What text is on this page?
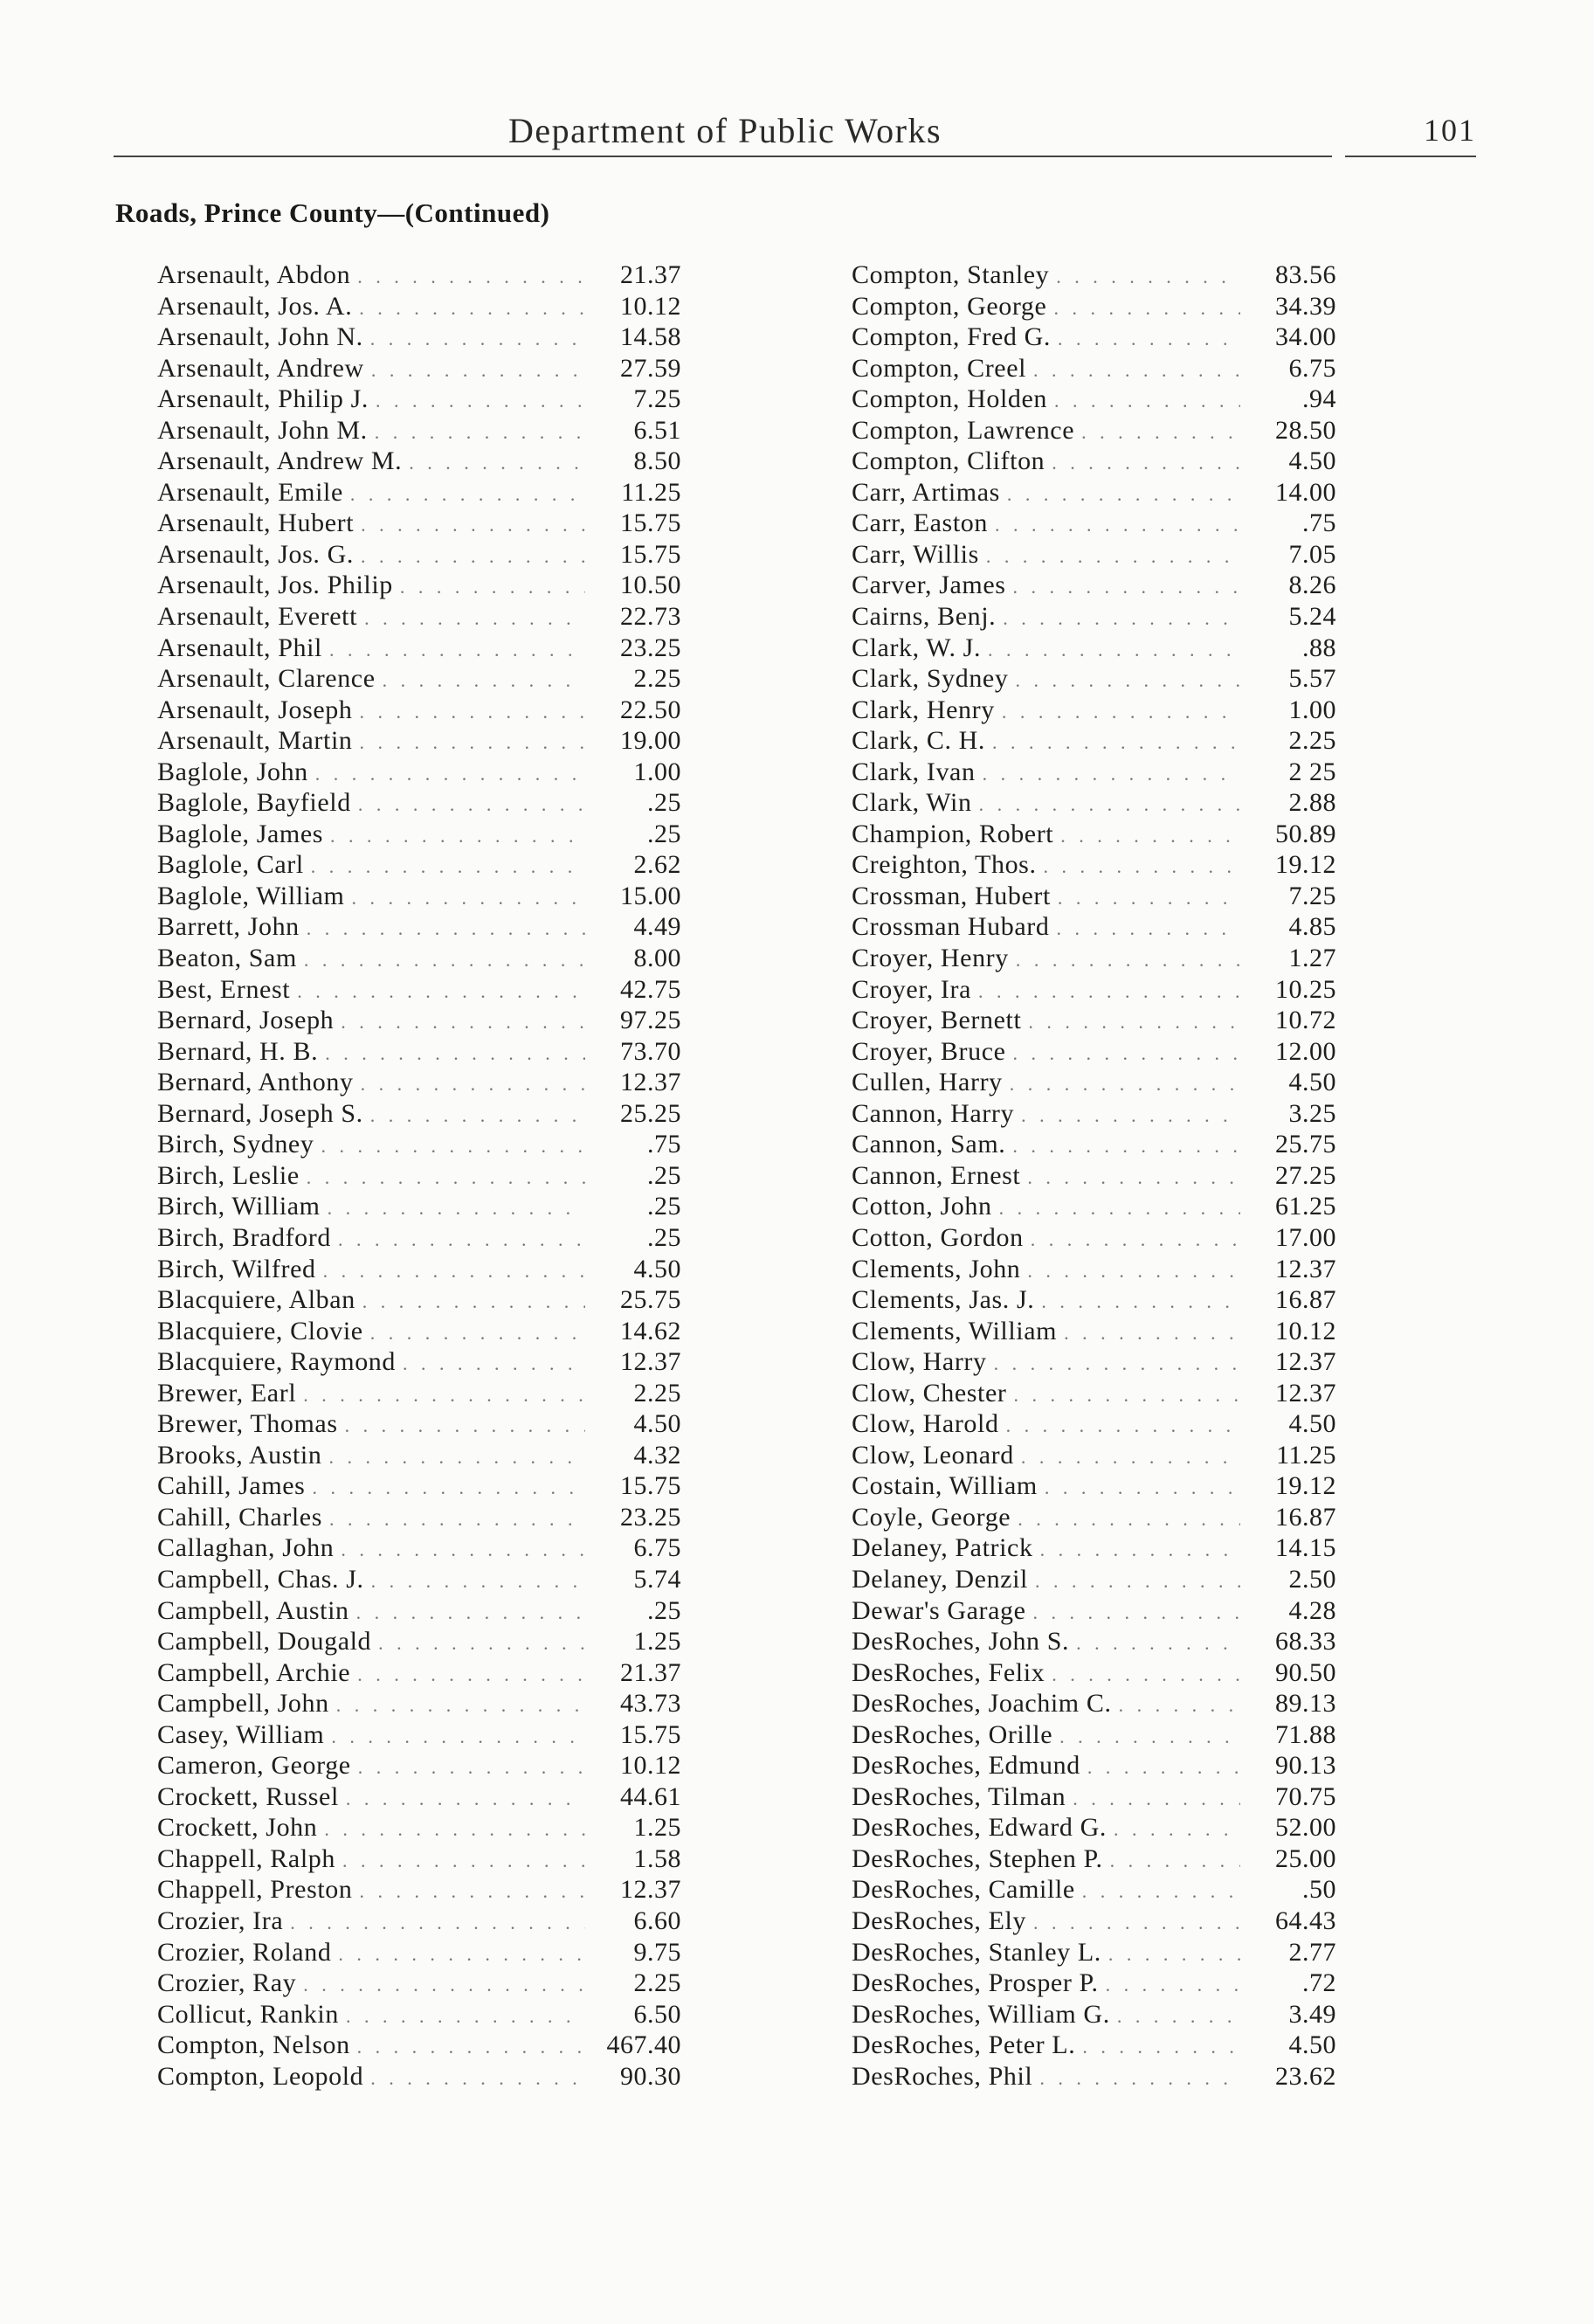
Department of Public Works	101
Roads, Prince County—(Continued)
Arsenault, Abdon . . .	21.37
Arsenault, Jos. A. . . .	10.12
Arsenault, John N. . . .	14.58
Arsenault, Andrew . . .	27.59
Arsenault, Philip J. . . .	7.25
Arsenault, John M. . . .	6.51
Arsenault, Andrew M. . . .	8.50
Arsenault, Emile . . .	11.25
Arsenault, Hubert . . .	15.75
Arsenault, Jos. G. . . .	15.75
Arsenault, Jos. Philip . . .	10.50
Arsenault, Everett . . .	22.73
Arsenault, Phil . . .	23.25
Arsenault, Clarence . . .	2.25
Arsenault, Joseph . . .	22.50
Arsenault, Martin . . .	19.00
Baglole, John . . .	1.00
Baglole, Bayfield . . .	.25
Baglole, James . . .	.25
Baglole, Carl . . .	2.62
Baglole, William . . .	15.00
Barrett, John . . .	4.49
Beaton, Sam . . .	8.00
Best, Ernest . . .	42.75
Bernard, Joseph . . .	97.25
Bernard, H. B. . . .	73.70
Bernard, Anthony . . .	12.37
Bernard, Joseph S. . . .	25.25
Birch, Sydney . . .	.75
Birch, Leslie . . .	.25
Birch, William . . .	.25
Birch, Bradford . . .	.25
Birch, Wilfred . . .	4.50
Blacquiere, Alban . . .	25.75
Blacquiere, Clovie . . .	14.62
Blacquiere, Raymond . . .	12.37
Brewer, Earl . . .	2.25
Brewer, Thomas . . .	4.50
Brooks, Austin . . .	4.32
Cahill, James . . .	15.75
Cahill, Charles . . .	23.25
Callaghan, John . . .	6.75
Campbell, Chas. J. . . .	5.74
Campbell, Austin . . .	.25
Campbell, Dougald . . .	1.25
Campbell, Archie . . .	21.37
Campbell, John . . .	43.73
Casey, William . . .	15.75
Cameron, George . . .	10.12
Crockett, Russel . . .	44.61
Crockett, John . . .	1.25
Chappell, Ralph . . .	1.58
Chappell, Preston . . .	12.37
Crozier, Ira . . .	6.60
Crozier, Roland . . .	9.75
Crozier, Ray . . .	2.25
Collicut, Rankin . . .	6.50
Compton, Nelson . . .	467.40
Compton, Leopold . . .	90.30
Compton, Stanley . . .	83.56
Compton, George . . .	34.39
Compton, Fred G. . . .	34.00
Compton, Creel . . .	6.75
Compton, Holden . . .	.94
Compton, Lawrence . . .	28.50
Compton, Clifton . . .	4.50
Carr, Artimas . . .	14.00
Carr, Easton . . .	.75
Carr, Willis . . .	7.05
Carver, James . . .	8.26
Cairns, Benj. . . .	5.24
Clark, W. J. . . .	.88
Clark, Sydney . . .	5.57
Clark, Henry . . .	1.00
Clark, C. H. . . .	2.25
Clark, Ivan . . .	2 25
Clark, Win . . .	2.88
Champion, Robert . . .	50.89
Creighton, Thos. . . .	19.12
Crossman, Hubert . . .	7.25
Crossman Hubard . . .	4.85
Croyer, Henry . . .	1.27
Croyer, Ira . . .	10.25
Croyer, Bernett . . .	10.72
Croyer, Bruce . . .	12.00
Cullen, Harry . . .	4.50
Cannon, Harry . . .	3.25
Cannon, Sam. . . .	25.75
Cannon, Ernest . . .	27.25
Cotton, John . . .	61.25
Cotton, Gordon . . .	17.00
Clements, John . . .	12.37
Clements, Jas. J. . . .	16.87
Clements, William . . .	10.12
Clow, Harry . . .	12.37
Clow, Chester . . .	12.37
Clow, Harold . . .	4.50
Clow, Leonard . . .	11.25
Costain, William . . .	19.12
Coyle, George . . .	16.87
Delaney, Patrick . . .	14.15
Delaney, Denzil . . .	2.50
Dewar's Garage . . .	4.28
DesRoches, John S. . . .	68.33
DesRoches, Felix . . .	90.50
DesRoches, Joachim C. . . .	89.13
DesRoches, Orille . . .	71.88
DesRoches, Edmund . . .	90.13
DesRoches, Tilman . . .	70.75
DesRoches, Edward G. . . .	52.00
DesRoches, Stephen P. . . .	25.00
DesRoches, Camille . . .	.50
DesRoches, Ely . . .	64.43
DesRoches, Stanley L. . . .	2.77
DesRoches, Prosper P. . . .	.72
DesRoches, William G. . . .	3.49
DesRoches, Peter L. . . .	4.50
DesRoches, Phil . . .	23.62
